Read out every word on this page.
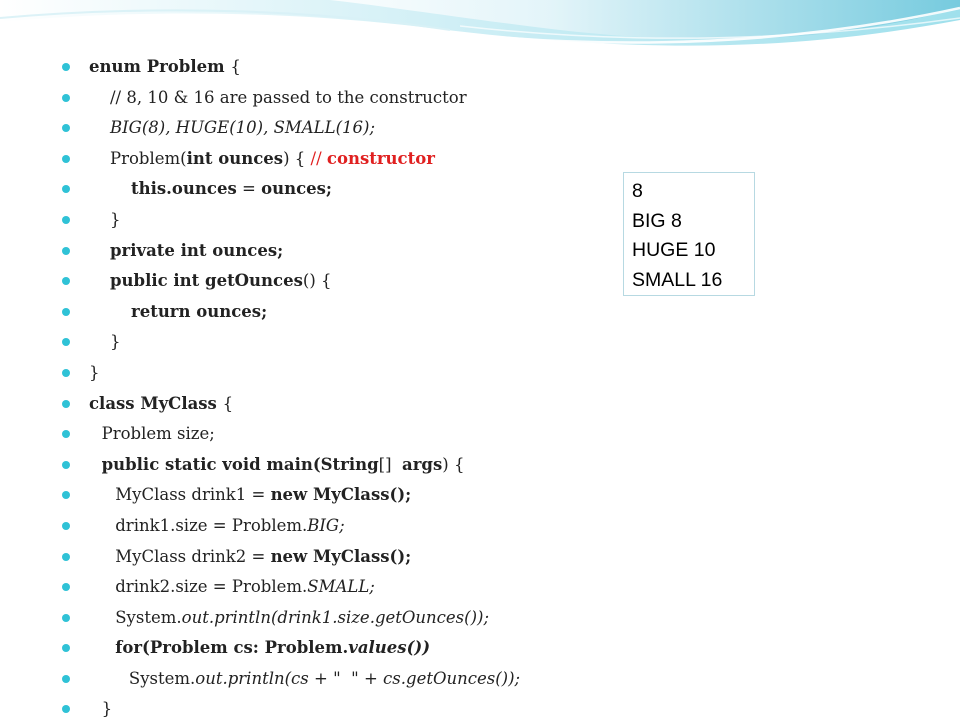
enum Problem {
// 8, 10 & 16 are passed to the constructor
BIG(8), HUGE(10), SMALL(16);
Problem(int ounces) { // constructor
this.ounces = ounces;
}
private int ounces;
public int getOunces() {
return ounces;
}
}
class MyClass {
Problem size;
public static void main(String[]  args) {
MyClass drink1 = new MyClass();
drink1.size = Problem.BIG;
MyClass drink2 = new MyClass();
drink2.size = Problem.SMALL;
System.out.println(drink1.size.getOunces());
for(Problem cs: Problem.values())
System.out.println(cs + "  " + cs.getOunces());
}
8
BIG 8
HUGE 10
SMALL 16
